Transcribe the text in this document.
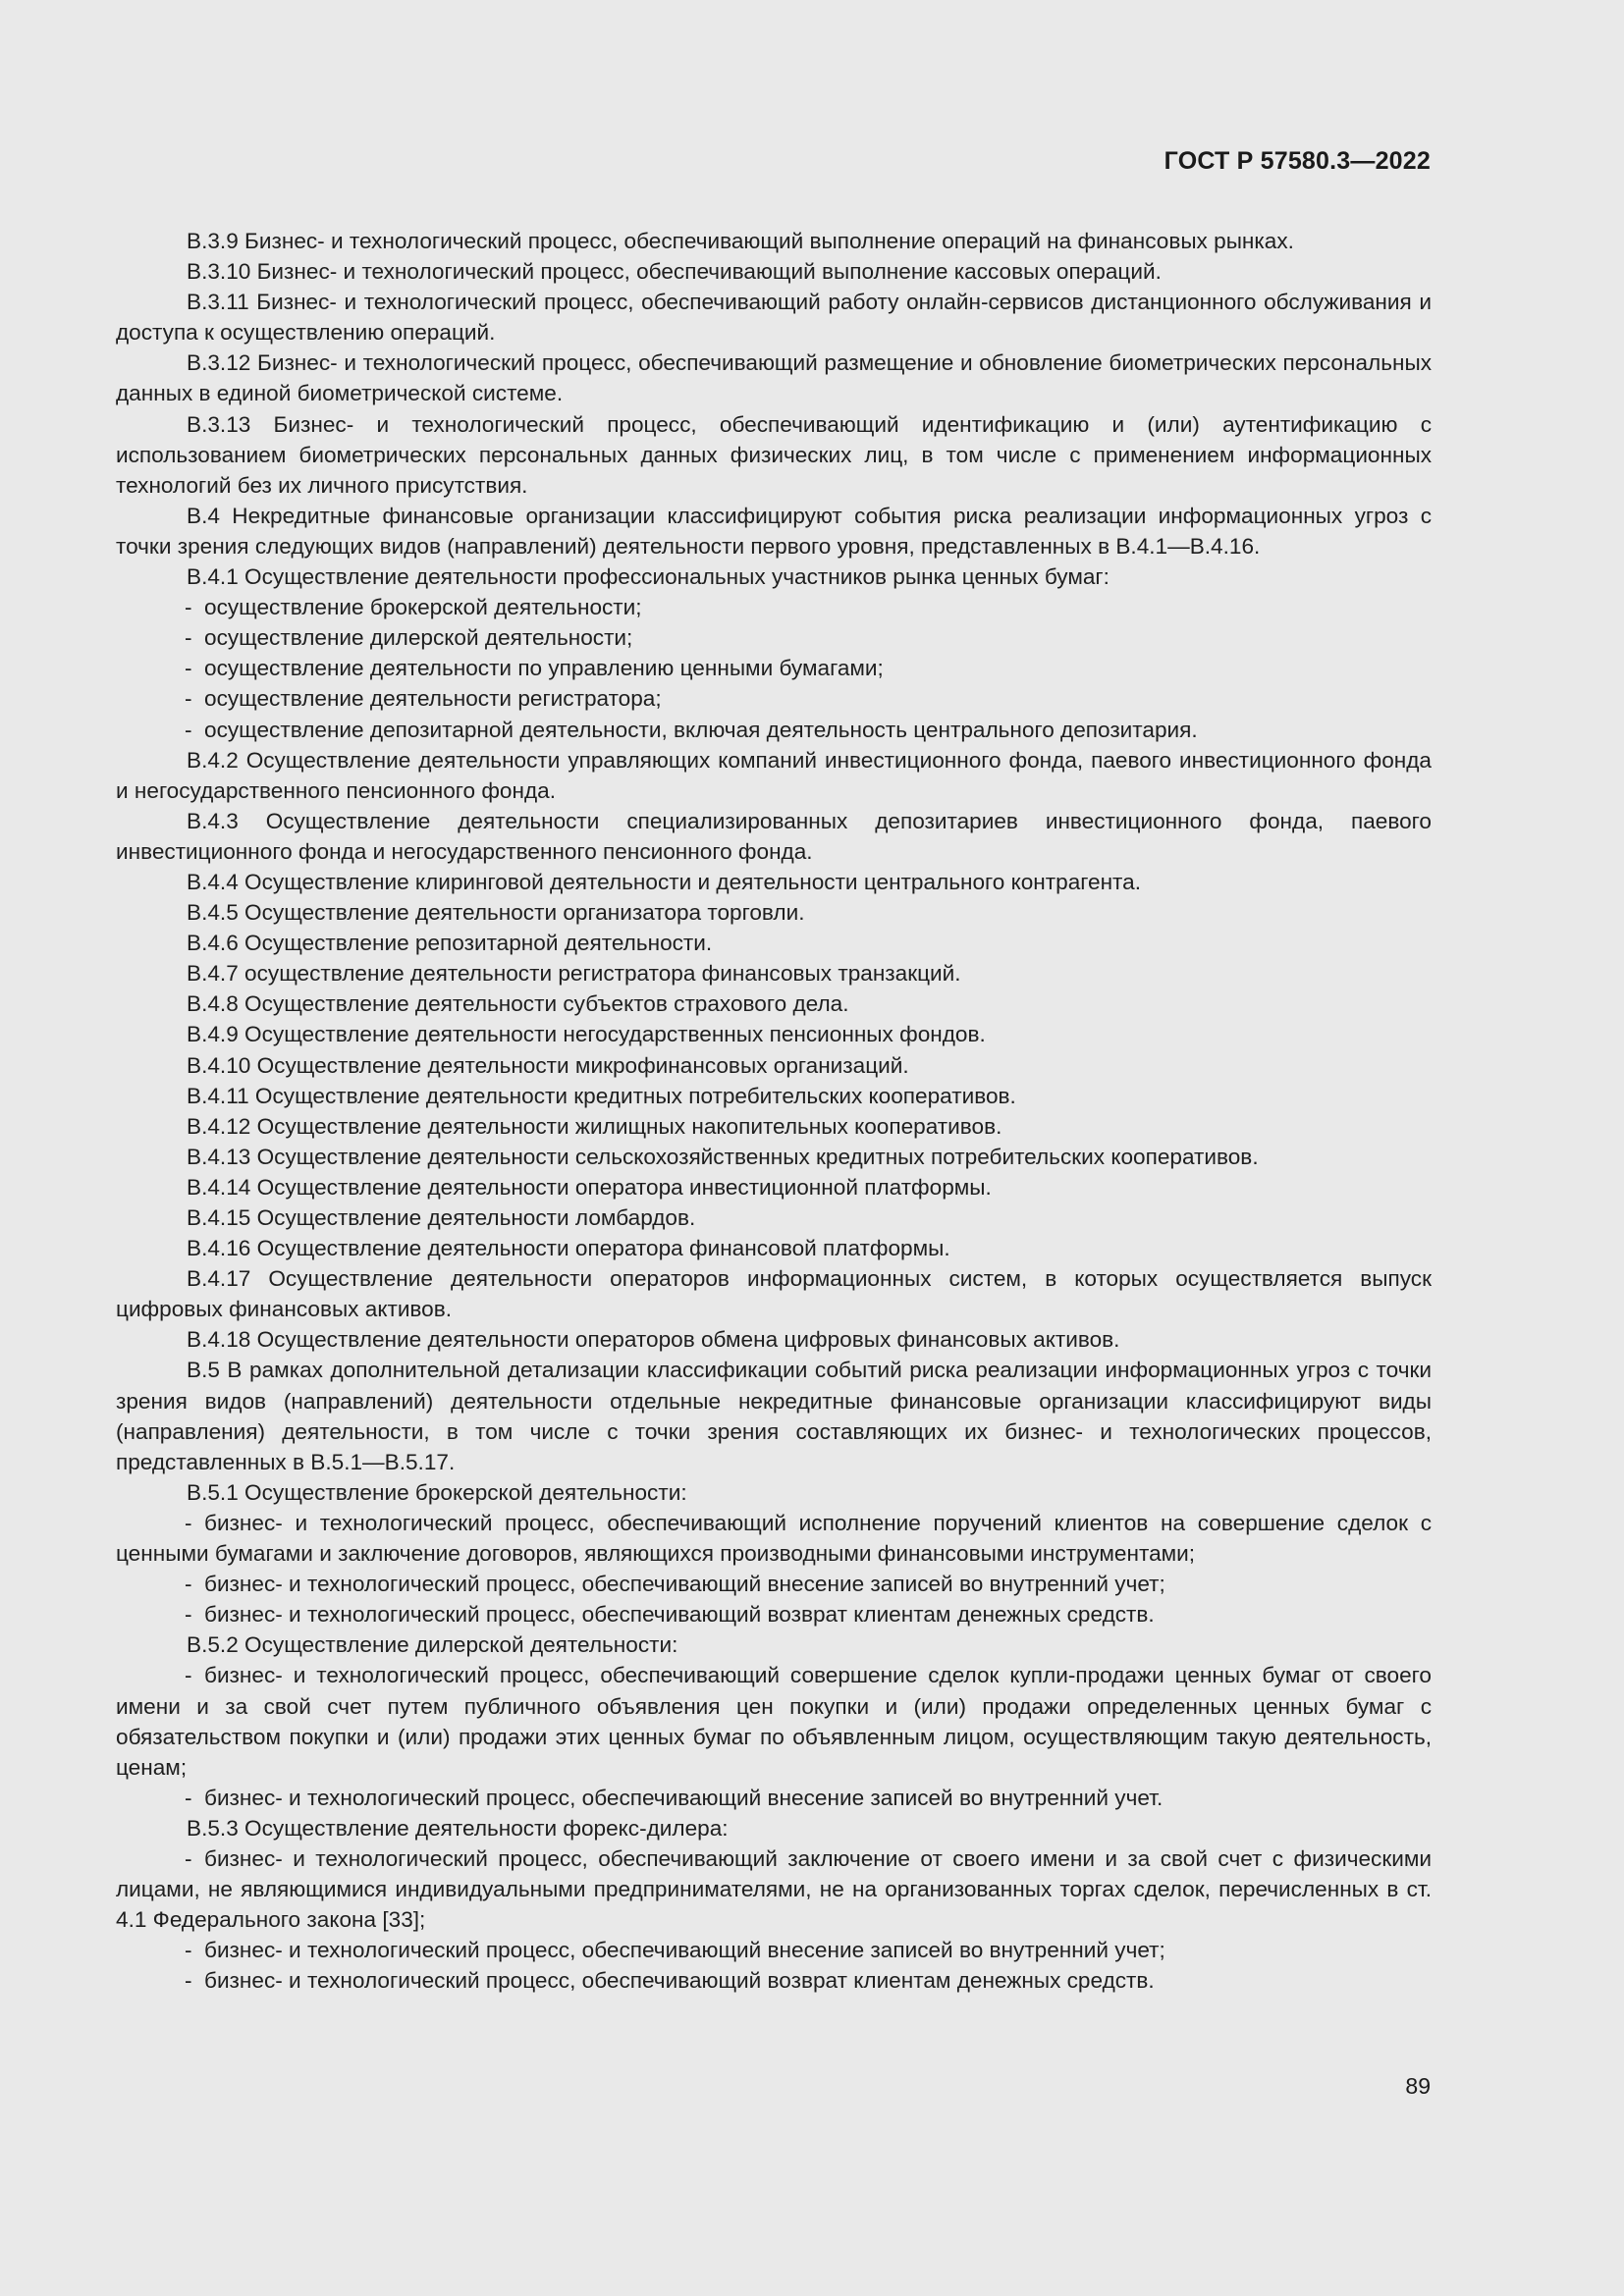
ГОСТ Р 57580.3—2022

В.3.9 Бизнес- и технологический процесс, обеспечивающий выполнение операций на финансовых рынках.

В.3.10 Бизнес- и технологический процесс, обеспечивающий выполнение кассовых операций.

В.3.11 Бизнес- и технологический процесс, обеспечивающий работу онлайн-сервисов дистанционного обслуживания и доступа к осуществлению операций.

В.3.12 Бизнес- и технологический процесс, обеспечивающий размещение и обновление биометрических персональных данных в единой биометрической системе.

В.3.13 Бизнес- и технологический процесс, обеспечивающий идентификацию и (или) аутентификацию с использованием биометрических персональных данных физических лиц, в том числе с применением информационных технологий без их личного присутствия.

В.4 Некредитные финансовые организации классифицируют события риска реализации информационных угроз с точки зрения следующих видов (направлений) деятельности первого уровня, представленных в В.4.1—В.4.16.

В.4.1 Осуществление деятельности профессиональных участников рынка ценных бумаг:

- осуществление брокерской деятельности;

- осуществление дилерской деятельности;

- осуществление деятельности по управлению ценными бумагами;

- осуществление деятельности регистратора;

- осуществление депозитарной деятельности, включая деятельность центрального депозитария.

В.4.2 Осуществление деятельности управляющих компаний инвестиционного фонда, паевого инвестиционного фонда и негосударственного пенсионного фонда.

В.4.3 Осуществление деятельности специализированных депозитариев инвестиционного фонда, паевого инвестиционного фонда и негосударственного пенсионного фонда.

В.4.4 Осуществление клиринговой деятельности и деятельности центрального контрагента.

В.4.5 Осуществление деятельности организатора торговли.

В.4.6 Осуществление репозитарной деятельности.

В.4.7 осуществление деятельности регистратора финансовых транзакций.

В.4.8 Осуществление деятельности субъектов страхового дела.

В.4.9 Осуществление деятельности негосударственных пенсионных фондов.

В.4.10 Осуществление деятельности микрофинансовых организаций.

В.4.11 Осуществление деятельности кредитных потребительских кооперативов.

В.4.12 Осуществление деятельности жилищных накопительных кооперативов.

В.4.13 Осуществление деятельности сельскохозяйственных кредитных потребительских кооперативов.

В.4.14 Осуществление деятельности оператора инвестиционной платформы.

В.4.15 Осуществление деятельности ломбардов.

В.4.16 Осуществление деятельности оператора финансовой платформы.

В.4.17 Осуществление деятельности операторов информационных систем, в которых осуществляется выпуск цифровых финансовых активов.

В.4.18 Осуществление деятельности операторов обмена цифровых финансовых активов.

В.5 В рамках дополнительной детализации классификации событий риска реализации информационных угроз с точки зрения видов (направлений) деятельности отдельные некредитные финансовые организации классифицируют виды (направления) деятельности, в том числе с точки зрения составляющих их бизнес- и технологических процессов, представленных в В.5.1—В.5.17.

В.5.1 Осуществление брокерской деятельности:

- бизнес- и технологический процесс, обеспечивающий исполнение поручений клиентов на совершение сделок с ценными бумагами и заключение договоров, являющихся производными финансовыми инструментами;

- бизнес- и технологический процесс, обеспечивающий внесение записей во внутренний учет;

- бизнес- и технологический процесс, обеспечивающий возврат клиентам денежных средств.

В.5.2 Осуществление дилерской деятельности:

- бизнес- и технологический процесс, обеспечивающий совершение сделок купли-продажи ценных бумаг от своего имени и за свой счет путем публичного объявления цен покупки и (или) продажи определенных ценных бумаг с обязательством покупки и (или) продажи этих ценных бумаг по объявленным лицом, осуществляющим такую деятельность, ценам;

- бизнес- и технологический процесс, обеспечивающий внесение записей во внутренний учет.

В.5.3 Осуществление деятельности форекс-дилера:

- бизнес- и технологический процесс, обеспечивающий заключение от своего имени и за свой счет с физическими лицами, не являющимися индивидуальными предпринимателями, не на организованных торгах сделок, перечисленных в ст. 4.1 Федерального закона [33];

- бизнес- и технологический процесс, обеспечивающий внесение записей во внутренний учет;

- бизнес- и технологический процесс, обеспечивающий возврат клиентам денежных средств.

89
